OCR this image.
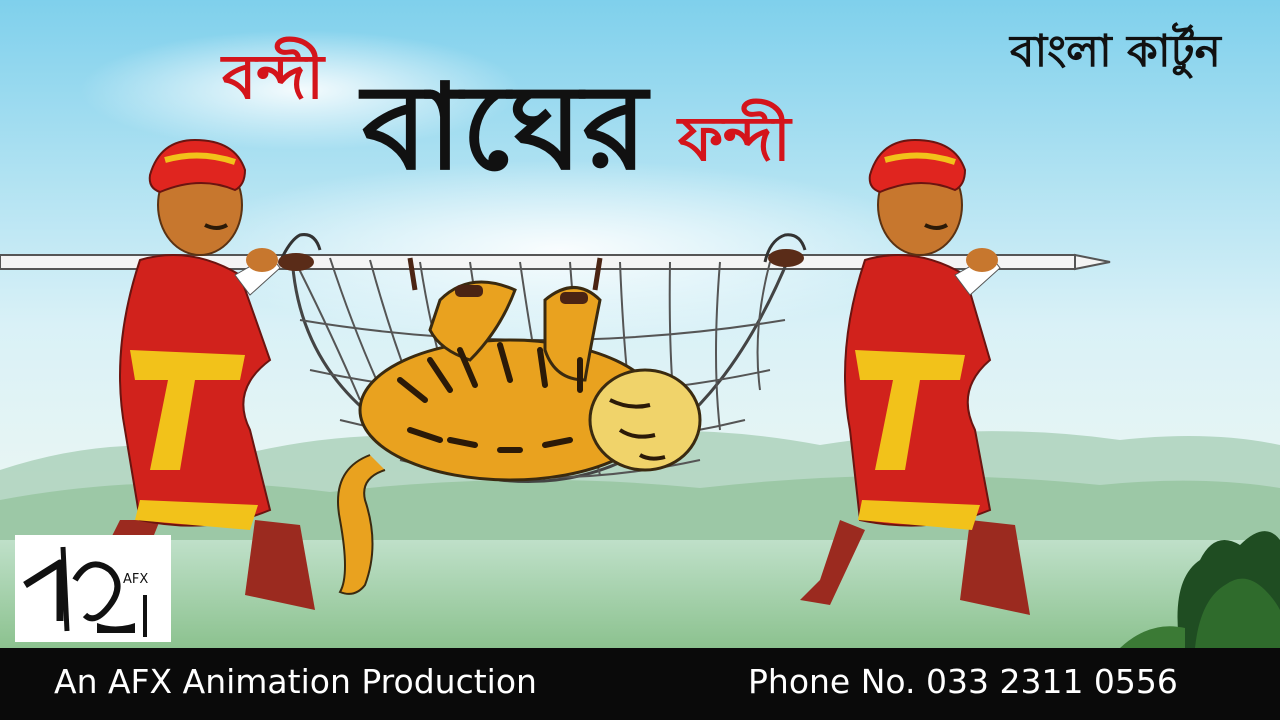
বন্দী বাঘের ফন্দী
বাংলা কার্টুন
AFX
An AFX Animation Production	Phone No. 033 2311 0556
